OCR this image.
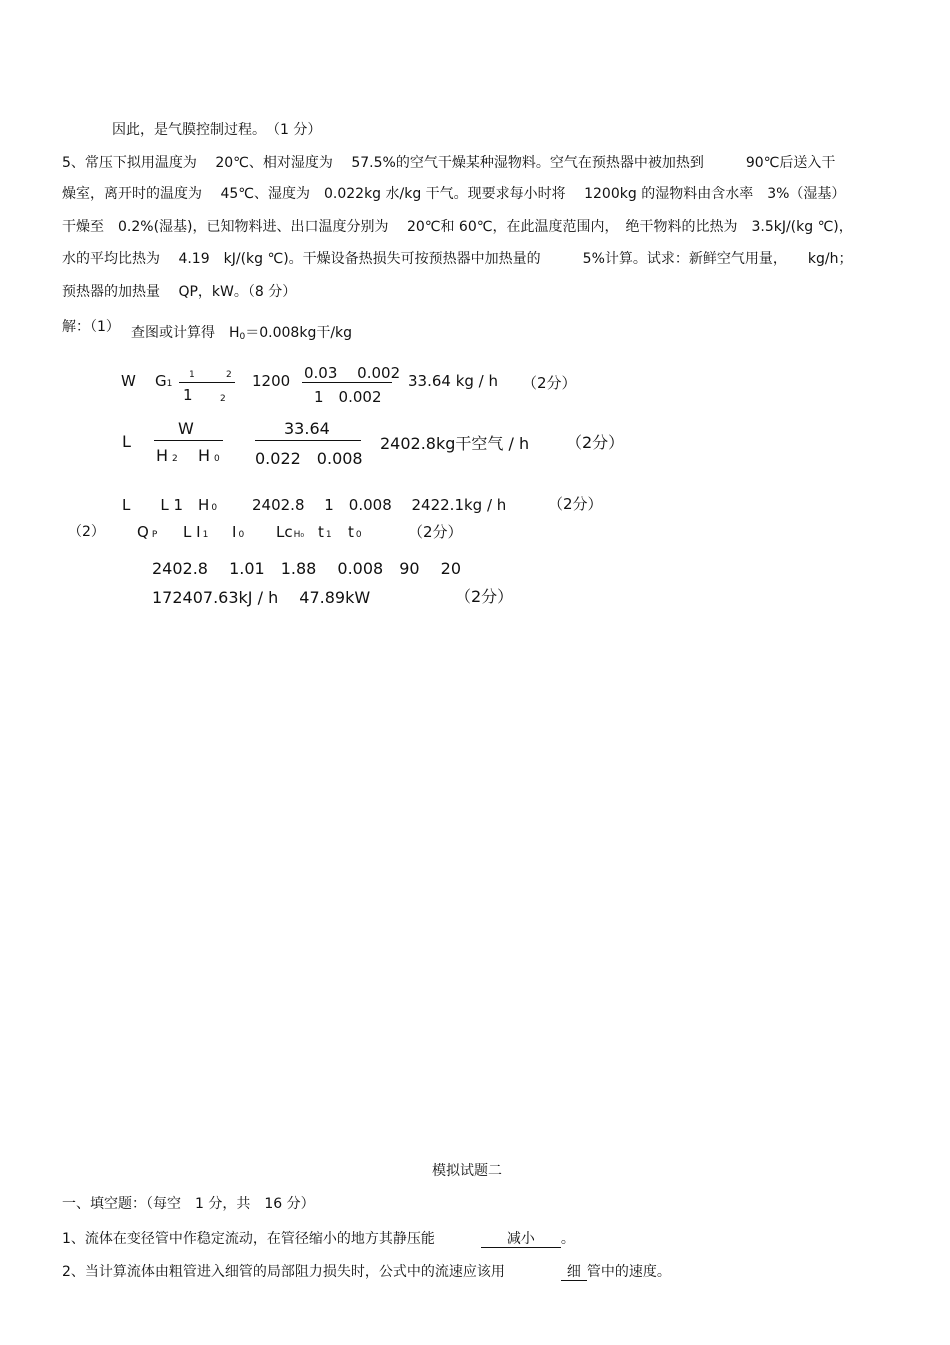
因此，是气膜控制过程。　（1 分）
5、常压下拟用温度为　 20℃、相对湿度为　 57.5%的空气干燥某种湿物料。空气在预热器中被加热到　　　90℃后送入干
燥室，离开时的温度为　 45℃、湿度为　0.022kg 水/kg 干气。现要求每小时将　 1200kg 的湿物料由含水率　3%（湿基）
干燥至　0.2%(湿基)，已知物料进、出口温度分别为　 20℃和 60℃，在此温度范围内，　绝干物料的比热为　3.5kJ/(kg ℃)，
水的平均比热为　 4.19　kJ/(kg ℃)。干燥设备热损失可按预热器中加热量的　　　5%计算。试求：新鲜空气用量，　　kg/h；
预热器的加热量　 QP，kW。（8 分）
解：（1） 查图或计算得　H0＝0.008kg干/kg
W G1
1	2
1	2
1200 0.03　 0.002
1　0.002
33.64 kg / h （2分）
L
W
H 2 H 0
33.64
0.022　0.008
2402.8kg干空气 / h （2分）
L　　L 1　H 0 2402.8　 1　0.008　 2422.1kg / h	（2分）
（2） Q P L I 1 I 0 LcH₀ t 1 t 0	（2分）
2402.8　 1.01　1.88　 0.008　90　 20
172407.63kJ / h　 47.89kW	（2分）
模拟试题二
一、填空题：（每空　1 分，共　16 分）
1、流体在变径管中作稳定流动，在管径缩小的地方其静压能	减小 。
2、当计算流体由粗管进入细管的局部阻力损失时，公式中的流速应该用	细 管中的速度。
